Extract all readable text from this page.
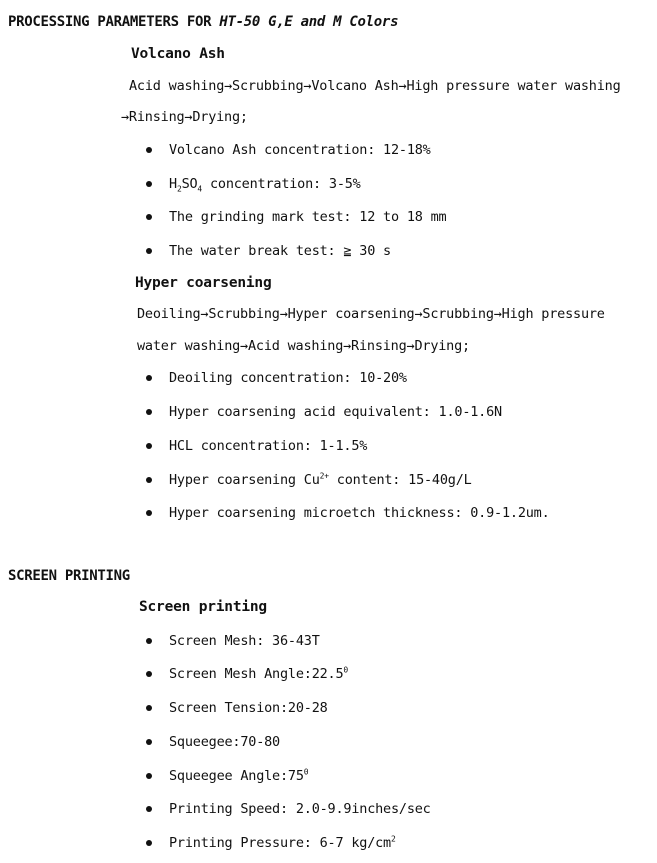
PROCESSING PARAMETERS FOR HT-50 G,E and M Colors
Volcano Ash
Acid washing→Scrubbing→Volcano Ash→High pressure water washing
→Rinsing→Drying;
Volcano Ash concentration: 12-18%
$H_2SO_4$ concentration: 3-5%
The grinding mark test: 12 to 18 mm
The water break test: ≧ 30 s
Hyper coarsening
Deoiling→Scrubbing→Hyper coarsening→Scrubbing→High pressure
water washing→Acid washing→Rinsing→Drying;
Deoiling concentration: 10-20%
Hyper coarsening acid equivalent: 1.0-1.6N
HCL concentration: 1-1.5%
Hyper coarsening $Cu^{2+}$ content: 15-40g/L
Hyper coarsening microetch thickness: 0.9-1.2um.
SCREEN PRINTING
Screen printing
Screen Mesh: 36-43T
Screen Mesh Angle:22.5$^0$
Screen Tension:20-28
Squeegee:70-80
Squeegee $Angle:75^0$
Printing Speed: 2.0-9.9inches/sec
Printing Pressure: 6-7 $kg/cm^2$
